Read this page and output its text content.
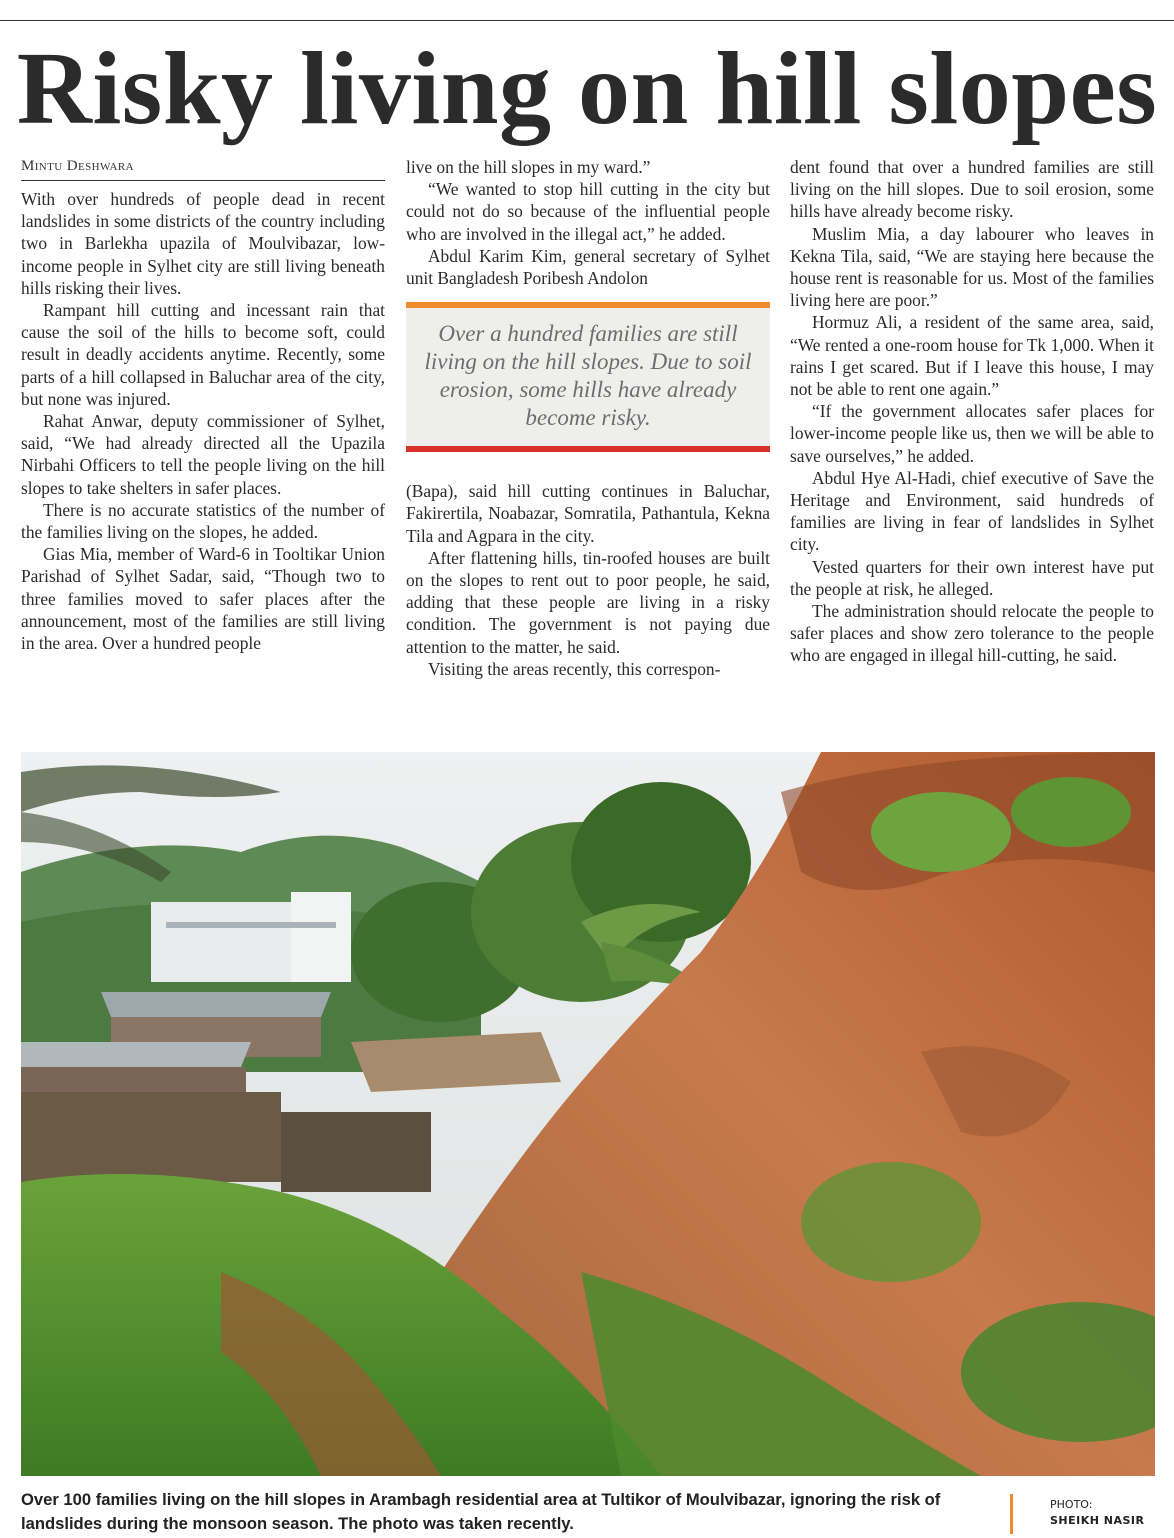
Risky living on hill slopes
Mintu Deshwara

With over hundreds of people dead in recent landslides in some districts of the country including two in Barlekha upazila of Moulvibazar, low-income people in Sylhet city are still living beneath hills risking their lives.

Rampant hill cutting and incessant rain that cause the soil of the hills to become soft, could result in deadly accidents anytime. Recently, some parts of a hill collapsed in Baluchar area of the city, but none was injured.

Rahat Anwar, deputy commissioner of Sylhet, said, “We had already directed all the Upazila Nirbahi Officers to tell the people living on the hill slopes to take shelters in safer places.

There is no accurate statistics of the number of the families living on the slopes, he added.

Gias Mia, member of Ward-6 in Tooltikar Union Parishad of Sylhet Sadar, said, “Though two to three families moved to safer places after the announcement, most of the families are still living in the area. Over a hundred people

live on the hill slopes in my ward.”

“We wanted to stop hill cutting in the city but could not do so because of the influential people who are involved in the illegal act,” he added.

Abdul Karim Kim, general secretary of Sylhet unit Bangladesh Poribesh Andolon

Over a hundred families are still living on the hill slopes. Due to soil erosion, some hills have already become risky.

(Bapa), said hill cutting continues in Baluchar, Fakirertila, Noabazar, Somratila, Pathantula, Kekna Tila and Agpara in the city.

After flattening hills, tin-roofed houses are built on the slopes to rent out to poor people, he said, adding that these people are living in a risky condition. The government is not paying due attention to the matter, he said.

Visiting the areas recently, this correspon-

dent found that over a hundred families are still living on the hill slopes. Due to soil erosion, some hills have already become risky.

Muslim Mia, a day labourer who leaves in Kekna Tila, said, “We are staying here because the house rent is reasonable for us. Most of the families living here are poor.”

Hormuz Ali, a resident of the same area, said, “We rented a one-room house for Tk 1,000. When it rains I get scared. But if I leave this house, I may not be able to rent one again.”

“If the government allocates safer places for lower-income people like us, then we will be able to save ourselves,” he added.

Abdul Hye Al-Hadi, chief executive of Save the Heritage and Environment, said hundreds of families are living in fear of landslides in Sylhet city.

Vested quarters for their own interest have put the people at risk, he alleged.

The administration should relocate the people to safer places and show zero tolerance to the people who are engaged in illegal hill-cutting, he said.

Over 100 families living on the hill slopes in Arambagh residential area at Tultikor of Moulvibazar, ignoring the risk of landslides during the monsoon season. The photo was taken recently.
PHOTO:
SHEIKH NASIR
